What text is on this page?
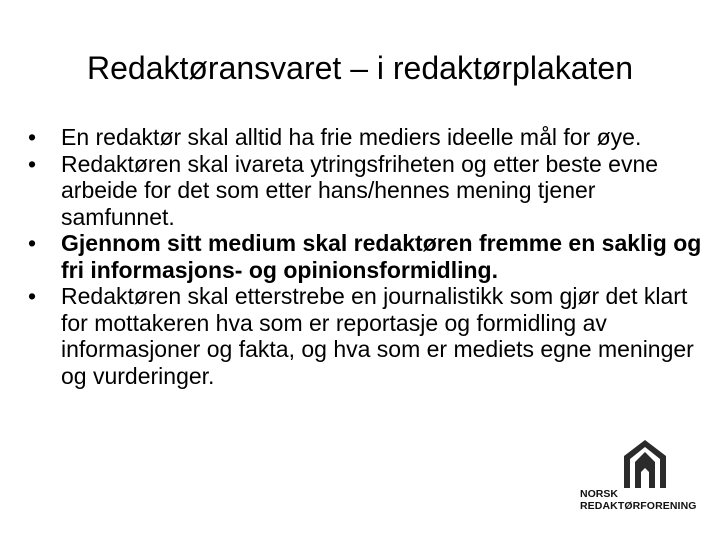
Redaktøransvaret – i redaktørplakaten
•	En redaktør skal alltid ha frie mediers ideelle mål for øye.
•	Redaktøren skal ivareta ytringsfriheten og etter beste evne arbeide for det som etter hans/hennes mening tjener samfunnet.
•	Gjennom sitt medium skal redaktøren fremme en saklig og fri informasjons- og opinionsformidling.
•	Redaktøren skal etterstrebe en journalistikk som gjør det klart for mottakeren hva som er reportasje og formidling av informasjoner og fakta, og hva som er mediets egne meninger og vurderinger.
NORSK
REDAKTØRFORENING
